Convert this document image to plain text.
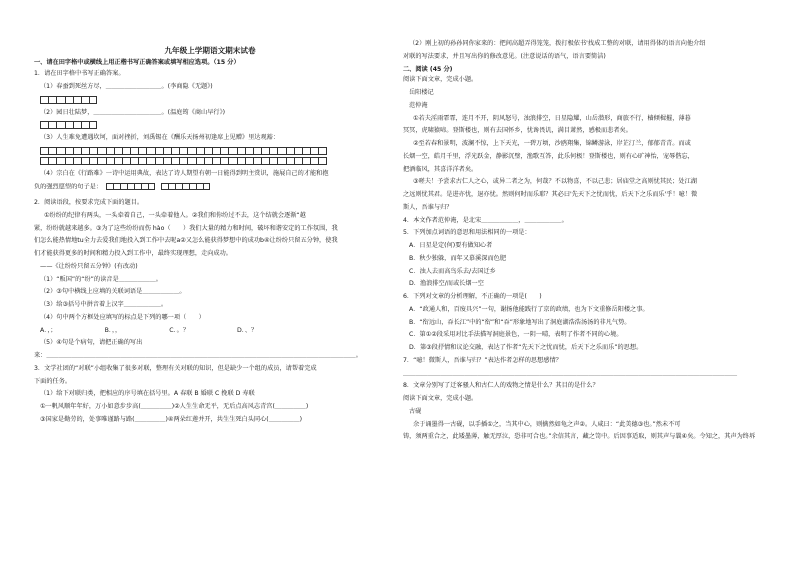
九年级上学期语文期末试卷

一、请在田字格中或横线上用正楷书写正确答案或填写相应选项。（15 分）

1．请在田字格中书写正确答案。

（1）春蚕到死丝方尽，＿＿＿＿＿＿＿＿＿。(李商隐《无题》)

（2）园日壮陆梦，＿＿＿＿＿＿＿＿＿＿＿。(温庭筠《商山早行》)

（3）人生难免遭遇坎坷，面对挫折，刘禹锡在《酬乐天扬州初逢席上见赠》里达观豁：

（4）宗白在《行路难》一诗中运用典故，表达了诗人期望有朝一日能得到明主赏识，施展自己的才能和抱

负的强烈愿望的句子是：

2．阅读语段，按要求完成下面的题目。

①纷纷的纪律有两头，一头牵着自己，一头牵着他人。②我们和你纷过不去，这个结就会逐渐“越

紧，纷纷就越来越多。③为了这些纷纷而伤 hào（　　）我们大量的精力和时间，破坏和谐安定的工作氛围，我

们怎么能热情地tu全力去爱我们地投入到工作中去呢a②又怎么能获得梦想中的成功b④让纷纷只留五分钟，使我

们才能获得更多的时间和精力投入到工作中，最终实现理想，走向成功。

——《让纷纷只留五分钟》(有改动)

（1）“贩国”的“纷”的读音是＿＿＿＿＿＿。

（2）③句中横线上应填的关联词语是＿＿＿＿＿＿。

（3）给③括号中拼音着上汉字＿＿＿＿＿＿。

（4）句中两个方框处应填写的标点是下列的哪一项（　　）

A．，；	B．，，	C．。？	D．、？

（5）④句是个病句，请把正确的写出

来：＿＿＿＿＿＿＿＿＿＿＿＿＿＿＿＿＿＿＿＿＿＿＿＿＿＿＿＿＿＿＿＿＿＿＿＿＿＿＿＿＿＿＿＿＿＿＿＿＿＿。

3．文学社团的“对联”小组收集了很多对联，整理有关对联的知识，但是缺少一个组的成员，请帮着完成

下面的任务。

（1）给下对联归类，把相应的序号填在括号里。A 春联 B 婚联 C 挽联 D 寿联

①一帆风顺年年好，万小如意步步高(＿＿＿＿＿)②人生生命无平，无后点高风志青宫(＿＿＿＿＿)

③国家是勤劳的，处事唯谨路与路(＿＿＿＿＿)④两朵红莲并开，共生生死白头同心(＿＿＿＿＿)

（2）刚上初的孙孙同你家来的：把间高超弄得笼笼，拨打极依书'找成工整的对联，请用得体的语言向他介绍

对联的写法要求，并且写出你的修改意见。(注意说话的语气，语言要简洁)

二、阅读 (45 分)

阅读下面文章，完成小题。

岳阳楼记

范仲淹

①若夫淫雨霏霏，连月不开，阴风怒号，浊浪排空，日星隐耀，山岳潜形，商旅不行，樯倾楫摧，薄暮

冥冥，虎啸猿啼。登斯楼也，则有去国怀乡，忧谗畏讥，满目萧然，感极而悲者矣。

②至若春和景明，波澜不惊，上下天光，一碧万顷，沙鸥翔集，锦鳞游泳，岸芷汀兰，郁郁青青。而或

长烟一空，皓月千里，浮光跃金，静影沉璧，渔歌互答，此乐何极！登斯楼也，则有心旷神怡，宠辱偕忘，

把酒临风，其喜洋洋者矣。

③嗟夫！予尝求古仁人之心，或异二者之为，何哉？不以物喜，不以己悲；居庙堂之高则忧其民；处江湖

之远则忧其君。是进亦忧，退亦忧。然则何时而乐耶？其必曰'先天下之忧而忧，后天下之乐而乐'乎！噫！微

斯人，吾谁与归？

4．本文作者范仲淹，是北宋＿＿＿＿＿＿，＿＿＿＿＿＿。

5．下列加点词语的意思和用法相同的一项是：

A．日星是定(何)要有做知心者

B．秋少独躲，而年又慕溪深而色肥

C．浊人去而高鸟乐去/去国迁乡

D．渔浪排空/而或长烟一空

6．下列对文章的分析理解，不正确的一项是(　　)

A．“政通人和，百废具兴”一句，谢扬他能践行了京的政绩，也为下文重修岳阳楼之事。

B．“衔远山，吞长江”中的“衔”和“吞”形象地写出了洞庭湖浩浩汤汤的非凡气势。

C．第①②段采用对比手法描写洞庭景色，一阴一晴，表明了作者不同的心境。

D．第③段抒情和议论交融，表达了作者“先天下之忧而忧，后天下之乐而乐”的思想。

7．“噫！微斯人，吾谁与归？”表达作者怎样的思想感情？

＿＿＿＿＿＿＿＿＿＿＿＿＿＿＿＿＿＿＿＿＿＿＿＿＿＿＿＿＿＿＿＿＿＿＿＿＿＿＿＿＿＿＿＿＿＿＿＿＿＿＿＿＿＿

8．文章分别写了迁客骚人和古仁人的戏物之情是什么？其目的是什么？

阅读下面文章，完成小题。

古砚

余于诵墨得一古砚，以手插①之，当其中心，则擒然如龟之声②。人咸曰：“此美德③也。”然未不可

铸，须两重合之，此矮墨薄，触无厚泣，恐非可合也。”余信其言，藏之笥中。后因事适取，则其声与曩④矣。令知之，其声为终坼
